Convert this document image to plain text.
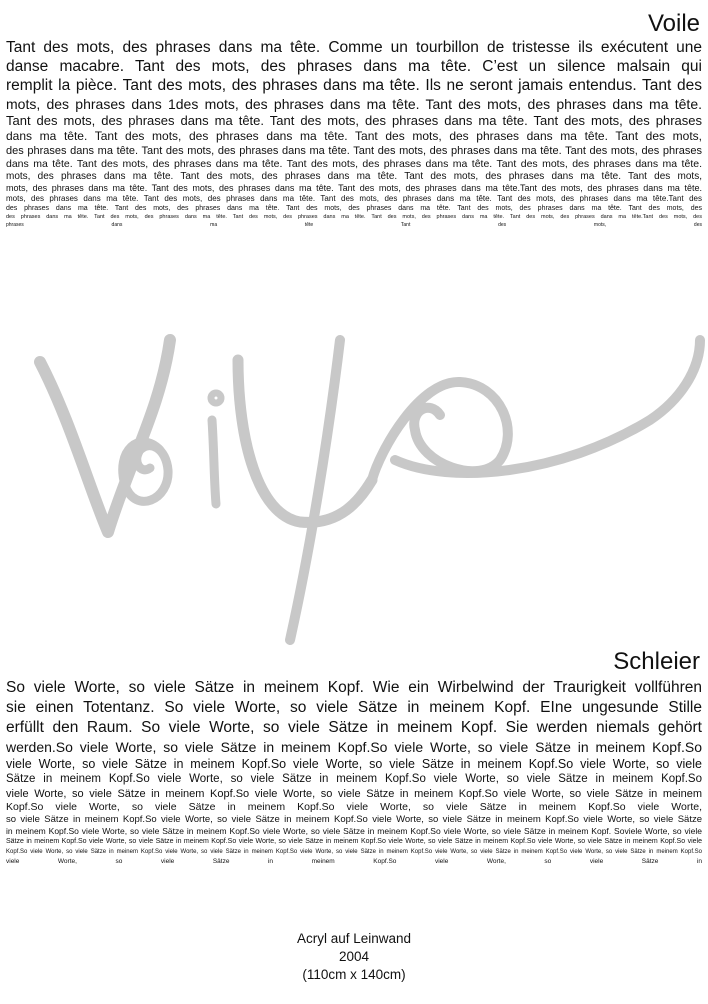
Voile
Tant des mots, des phrases dans ma tête. Comme un tourbillon de tristesse ils exécutent une
danse macabre. Tant des mots, des phrases dans ma tête. C’est un silence malsain qui
remplit la pièce. Tant des mots, des phrases dans ma tête. Ils ne seront jamais entendus. Tant des
mots, des phrases dans 1des mots, des phrases dans ma tête. Tant des mots, des phrases dans ma tête.
Tant des mots, des phrases dans ma tête. Tant des mots, des phrases dans ma tête. Tant des mots, des phrases
dans ma tête. Tant des mots, des phrases dans ma tête. Tant des mots, des phrases dans ma tête. Tant des mots,
des phrases dans ma tête. Tant des mots, des phrases dans ma tête. Tant des mots, des phrases dans ma tête. Tant des mots, des phrases
dans ma tête. Tant des mots, des phrases dans ma tête. Tant des mots, des phrases dans ma tête. Tant des mots, des phrases dans ma tête.
mots, des phrases dans ma tête. Tant des mots, des phrases dans ma tête. Tant des mots, des phrases dans ma tête. Tant des mots,
mots, des phrases dans ma tête. Tant des mots, des phrases dans ma tête. Tant des mots, des phrases dans ma tête.Tant des mots, des phrases dans ma tête.
mots, des phrases dans ma tête. Tant des mots, des phrases dans ma tête. Tant des mots, des phrases dans ma tête. Tant des mots, des phrases dans ma tête.Tant des
des phrases dans ma tête. Tant des mots, des phrases dans ma tête. Tant des mots, des phrases dans ma tête. Tant des mots, des phrases dans ma tête. Tant des mots, des
des phrases dans ma tête. Tant des mots, des phrases dans ma tête. Tant des mots, des phrases dans ma tête. Tant des mots, des phrases dans ma tête. Tant des mots, des phrases dans ma tête.Tant des mots, des
phrases dans ma tête Tant des mots, des
Schleier
So viele Worte, so viele Sätze in meinem Kopf. Wie ein Wirbelwind der Traurigkeit vollführen
sie einen Totentanz. So viele Worte, so viele Sätze in meinem Kopf. EIne ungesunde Stille
erfüllt den Raum. So viele Worte, so viele Sätze in meinem Kopf. Sie werden niemals gehört
werden.So viele Worte, so viele Sätze in meinem Kopf.So viele Worte, so viele Sätze in meinem Kopf.So
viele Worte, so viele Sätze in meinem Kopf.So viele Worte, so viele Sätze in meinem Kopf.So viele Worte, so viele
Sätze in meinem Kopf.So viele Worte, so viele Sätze in meinem Kopf.So viele Worte, so viele Sätze in meinem Kopf.So
viele Worte, so viele Sätze in meinem Kopf.So viele Worte, so viele Sätze in meinem Kopf.So viele Worte, so viele Sätze in meinem
Kopf.So viele Worte, so viele Sätze in meinem Kopf.So viele Worte, so viele Sätze in meinem Kopf.So viele Worte,
so viele Sätze in meinem Kopf.So viele Worte, so viele Sätze in meinem Kopf.So viele Worte, so viele Sätze in meinem Kopf.So viele Worte, so viele Sätze
in meinem Kopf.So viele Worte, so viele Sätze in meinem Kopf.So viele Worte, so viele Sätze in meinem Kopf.So viele Worte, so viele Sätze in meinem Kopf. Soviele Worte, so viele
Sätze in meinem Kopf.So viele Worte, so viele Sätze in meinem Kopf.So viele Worte, so viele Sätze in meinem Kopf.So viele Worte, so viele Sätze in meinem Kopf.So viele Worte, so viele Sätze in meinem Kopf.So viele
Kopf.So viele Worte, so viele Sätze in meinem Kopf.So viele Worte, so viele Sätze in meinem Kopf.So viele Worte, so viele Sätze in meinem Kopf.So viele Worte, so viele Sätze in meinem Kopf.So viele Worte, so viele Sätze in meinem Kopf.So
viele Worte, so viele Sätze in meinem Kopf.So viele Worte, so viele Sätze in
Acryl auf Leinwand
2004
(110cm x 140cm)
